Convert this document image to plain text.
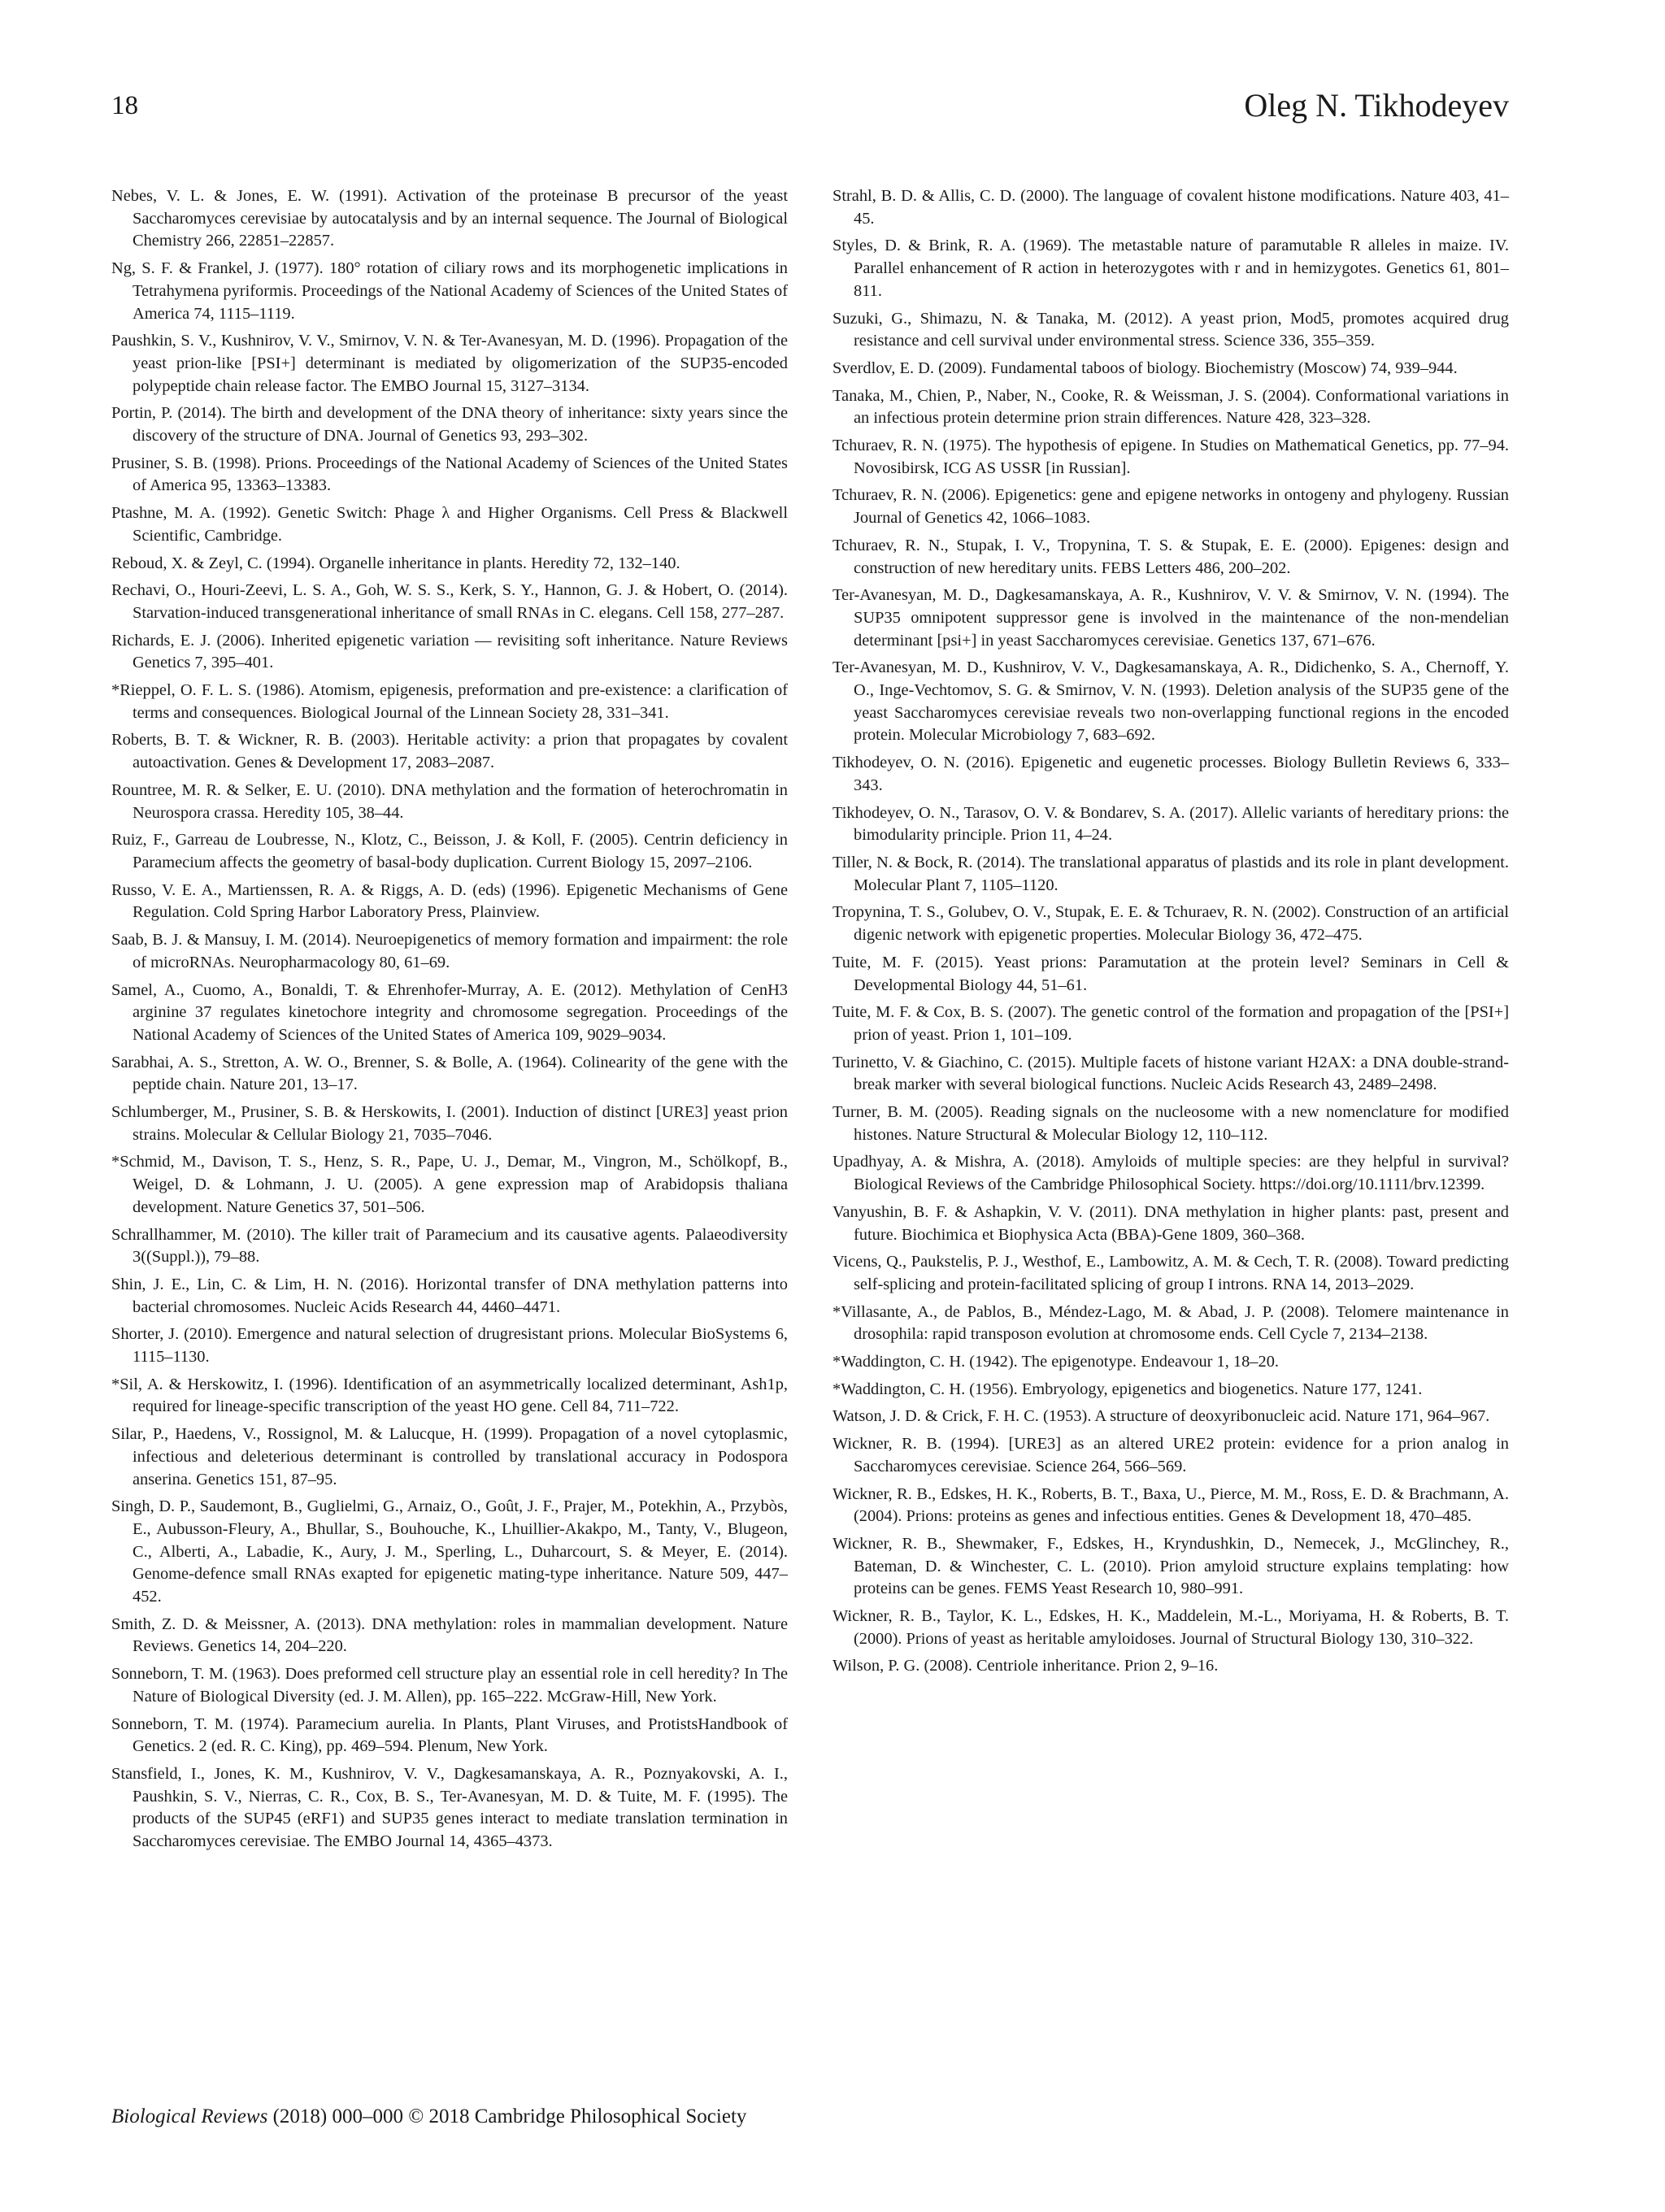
18	Oleg N. Tikhodeyev

Nebes, V. L. & Jones, E. W. (1991). Activation of the proteinase B precursor of the yeast Saccharomyces cerevisiae by autocatalysis and by an internal sequence. The Journal of Biological Chemistry 266, 22851–22857.

Ng, S. F. & Frankel, J. (1977). 180° rotation of ciliary rows and its morphogenetic implications in Tetrahymena pyriformis. Proceedings of the National Academy of Sciences of the United States of America 74, 1115–1119.

Paushkin, S. V., Kushnirov, V. V., Smirnov, V. N. & Ter-Avanesyan, M. D. (1996). Propagation of the yeast prion-like [PSI+] determinant is mediated by oligomerization of the SUP35-encoded polypeptide chain release factor. The EMBO Journal 15, 3127–3134.

Portin, P. (2014). The birth and development of the DNA theory of inheritance: sixty years since the discovery of the structure of DNA. Journal of Genetics 93, 293–302.

Prusiner, S. B. (1998). Prions. Proceedings of the National Academy of Sciences of the United States of America 95, 13363–13383.

Ptashne, M. A. (1992). Genetic Switch: Phage λ and Higher Organisms. Cell Press & Blackwell Scientific, Cambridge.

Reboud, X. & Zeyl, C. (1994). Organelle inheritance in plants. Heredity 72, 132–140.

Rechavi, O., Houri-Zeevi, L. S. A., Goh, W. S. S., Kerk, S. Y., Hannon, G. J. & Hobert, O. (2014). Starvation-induced transgenerational inheritance of small RNAs in C. elegans. Cell 158, 277–287.

Richards, E. J. (2006). Inherited epigenetic variation — revisiting soft inheritance. Nature Reviews Genetics 7, 395–401.

*Rieppel, O. F. L. S. (1986). Atomism, epigenesis, preformation and pre-existence: a clarification of terms and consequences. Biological Journal of the Linnean Society 28, 331–341.

Roberts, B. T. & Wickner, R. B. (2003). Heritable activity: a prion that propagates by covalent autoactivation. Genes & Development 17, 2083–2087.

Rountree, M. R. & Selker, E. U. (2010). DNA methylation and the formation of heterochromatin in Neurospora crassa. Heredity 105, 38–44.

Ruiz, F., Garreau de Loubresse, N., Klotz, C., Beisson, J. & Koll, F. (2005). Centrin deficiency in Paramecium affects the geometry of basal-body duplication. Current Biology 15, 2097–2106.

Russo, V. E. A., Martienssen, R. A. & Riggs, A. D. (eds) (1996). Epigenetic Mechanisms of Gene Regulation. Cold Spring Harbor Laboratory Press, Plainview.

Saab, B. J. & Mansuy, I. M. (2014). Neuroepigenetics of memory formation and impairment: the role of microRNAs. Neuropharmacology 80, 61–69.

Samel, A., Cuomo, A., Bonaldi, T. & Ehrenhofer-Murray, A. E. (2012). Methylation of CenH3 arginine 37 regulates kinetochore integrity and chromosome segregation. Proceedings of the National Academy of Sciences of the United States of America 109, 9029–9034.

Sarabhai, A. S., Stretton, A. W. O., Brenner, S. & Bolle, A. (1964). Colinearity of the gene with the peptide chain. Nature 201, 13–17.

Schlumberger, M., Prusiner, S. B. & Herskowits, I. (2001). Induction of distinct [URE3] yeast prion strains. Molecular & Cellular Biology 21, 7035–7046.

*Schmid, M., Davison, T. S., Henz, S. R., Pape, U. J., Demar, M., Vingron, M., Schölkopf, B., Weigel, D. & Lohmann, J. U. (2005). A gene expression map of Arabidopsis thaliana development. Nature Genetics 37, 501–506.

Schrallhammer, M. (2010). The killer trait of Paramecium and its causative agents. Palaeodiversity 3((Suppl.)), 79–88.

Shin, J. E., Lin, C. & Lim, H. N. (2016). Horizontal transfer of DNA methylation patterns into bacterial chromosomes. Nucleic Acids Research 44, 4460–4471.

Shorter, J. (2010). Emergence and natural selection of drugresistant prions. Molecular BioSystems 6, 1115–1130.

*Sil, A. & Herskowitz, I. (1996). Identification of an asymmetrically localized determinant, Ash1p, required for lineage-specific transcription of the yeast HO gene. Cell 84, 711–722.

Silar, P., Haedens, V., Rossignol, M. & Lalucque, H. (1999). Propagation of a novel cytoplasmic, infectious and deleterious determinant is controlled by translational accuracy in Podospora anserina. Genetics 151, 87–95.

Singh, D. P., Saudemont, B., Guglielmi, G., Arnaiz, O., Goût, J. F., Prajer, M., Potekhin, A., Przybòs, E., Aubusson-Fleury, A., Bhullar, S., Bouhouche, K., Lhuillier-Akakpo, M., Tanty, V., Blugeon, C., Alberti, A., Labadie, K., Aury, J. M., Sperling, L., Duharcourt, S. & Meyer, E. (2014). Genome-defence small RNAs exapted for epigenetic mating-type inheritance. Nature 509, 447–452.

Smith, Z. D. & Meissner, A. (2013). DNA methylation: roles in mammalian development. Nature Reviews. Genetics 14, 204–220.

Sonneborn, T. M. (1963). Does preformed cell structure play an essential role in cell heredity? In The Nature of Biological Diversity (ed. J. M. Allen), pp. 165–222. McGraw-Hill, New York.

Sonneborn, T. M. (1974). Paramecium aurelia. In Plants, Plant Viruses, and ProtistsHandbook of Genetics. 2 (ed. R. C. King), pp. 469–594. Plenum, New York.

Stansfield, I., Jones, K. M., Kushnirov, V. V., Dagkesamanskaya, A. R., Poznyakovski, A. I., Paushkin, S. V., Nierras, C. R., Cox, B. S., Ter-Avanesyan, M. D. & Tuite, M. F. (1995). The products of the SUP45 (eRF1) and SUP35 genes interact to mediate translation termination in Saccharomyces cerevisiae. The EMBO Journal 14, 4365–4373.

Strahl, B. D. & Allis, C. D. (2000). The language of covalent histone modifications. Nature 403, 41–45.

Styles, D. & Brink, R. A. (1969). The metastable nature of paramutable R alleles in maize. IV. Parallel enhancement of R action in heterozygotes with r and in hemizygotes. Genetics 61, 801–811.

Suzuki, G., Shimazu, N. & Tanaka, M. (2012). A yeast prion, Mod5, promotes acquired drug resistance and cell survival under environmental stress. Science 336, 355–359.

Sverdlov, E. D. (2009). Fundamental taboos of biology. Biochemistry (Moscow) 74, 939–944.

Tanaka, M., Chien, P., Naber, N., Cooke, R. & Weissman, J. S. (2004). Conformational variations in an infectious protein determine prion strain differences. Nature 428, 323–328.

Tchuraev, R. N. (1975). The hypothesis of epigene. In Studies on Mathematical Genetics, pp. 77–94. Novosibirsk, ICG AS USSR [in Russian].

Tchuraev, R. N. (2006). Epigenetics: gene and epigene networks in ontogeny and phylogeny. Russian Journal of Genetics 42, 1066–1083.

Tchuraev, R. N., Stupak, I. V., Tropynina, T. S. & Stupak, E. E. (2000). Epigenes: design and construction of new hereditary units. FEBS Letters 486, 200–202.

Ter-Avanesyan, M. D., Dagkesamanskaya, A. R., Kushnirov, V. V. & Smirnov, V. N. (1994). The SUP35 omnipotent suppressor gene is involved in the maintenance of the non-mendelian determinant [psi+] in yeast Saccharomyces cerevisiae. Genetics 137, 671–676.

Ter-Avanesyan, M. D., Kushnirov, V. V., Dagkesamanskaya, A. R., Didichenko, S. A., Chernoff, Y. O., Inge-Vechtomov, S. G. & Smirnov, V. N. (1993). Deletion analysis of the SUP35 gene of the yeast Saccharomyces cerevisiae reveals two non-overlapping functional regions in the encoded protein. Molecular Microbiology 7, 683–692.

Tikhodeyev, O. N. (2016). Epigenetic and eugenetic processes. Biology Bulletin Reviews 6, 333–343.

Tikhodeyev, O. N., Tarasov, O. V. & Bondarev, S. A. (2017). Allelic variants of hereditary prions: the bimodularity principle. Prion 11, 4–24.

Tiller, N. & Bock, R. (2014). The translational apparatus of plastids and its role in plant development. Molecular Plant 7, 1105–1120.

Tropynina, T. S., Golubev, O. V., Stupak, E. E. & Tchuraev, R. N. (2002). Construction of an artificial digenic network with epigenetic properties. Molecular Biology 36, 472–475.

Tuite, M. F. (2015). Yeast prions: Paramutation at the protein level? Seminars in Cell & Developmental Biology 44, 51–61.

Tuite, M. F. & Cox, B. S. (2007). The genetic control of the formation and propagation of the [PSI+] prion of yeast. Prion 1, 101–109.

Turinetto, V. & Giachino, C. (2015). Multiple facets of histone variant H2AX: a DNA double-strand-break marker with several biological functions. Nucleic Acids Research 43, 2489–2498.

Turner, B. M. (2005). Reading signals on the nucleosome with a new nomenclature for modified histones. Nature Structural & Molecular Biology 12, 110–112.

Upadhyay, A. & Mishra, A. (2018). Amyloids of multiple species: are they helpful in survival? Biological Reviews of the Cambridge Philosophical Society. https://doi.org/10.1111/brv.12399.

Vanyushin, B. F. & Ashapkin, V. V. (2011). DNA methylation in higher plants: past, present and future. Biochimica et Biophysica Acta (BBA)-Gene 1809, 360–368.

Vicens, Q., Paukstelis, P. J., Westhof, E., Lambowitz, A. M. & Cech, T. R. (2008). Toward predicting self-splicing and protein-facilitated splicing of group I introns. RNA 14, 2013–2029.

*Villasante, A., de Pablos, B., Méndez-Lago, M. & Abad, J. P. (2008). Telomere maintenance in drosophila: rapid transposon evolution at chromosome ends. Cell Cycle 7, 2134–2138.

*Waddington, C. H. (1942). The epigenotype. Endeavour 1, 18–20.

*Waddington, C. H. (1956). Embryology, epigenetics and biogenetics. Nature 177, 1241.

Watson, J. D. & Crick, F. H. C. (1953). A structure of deoxyribonucleic acid. Nature 171, 964–967.

Wickner, R. B. (1994). [URE3] as an altered URE2 protein: evidence for a prion analog in Saccharomyces cerevisiae. Science 264, 566–569.

Wickner, R. B., Edskes, H. K., Roberts, B. T., Baxa, U., Pierce, M. M., Ross, E. D. & Brachmann, A. (2004). Prions: proteins as genes and infectious entities. Genes & Development 18, 470–485.

Wickner, R. B., Shewmaker, F., Edskes, H., Kryndushkin, D., Nemecek, J., McGlinchey, R., Bateman, D. & Winchester, C. L. (2010). Prion amyloid structure explains templating: how proteins can be genes. FEMS Yeast Research 10, 980–991.

Wickner, R. B., Taylor, K. L., Edskes, H. K., Maddelein, M.-L., Moriyama, H. & Roberts, B. T. (2000). Prions of yeast as heritable amyloidoses. Journal of Structural Biology 130, 310–322.

Wilson, P. G. (2008). Centriole inheritance. Prion 2, 9–16.

Biological Reviews (2018) 000–000 © 2018 Cambridge Philosophical Society
